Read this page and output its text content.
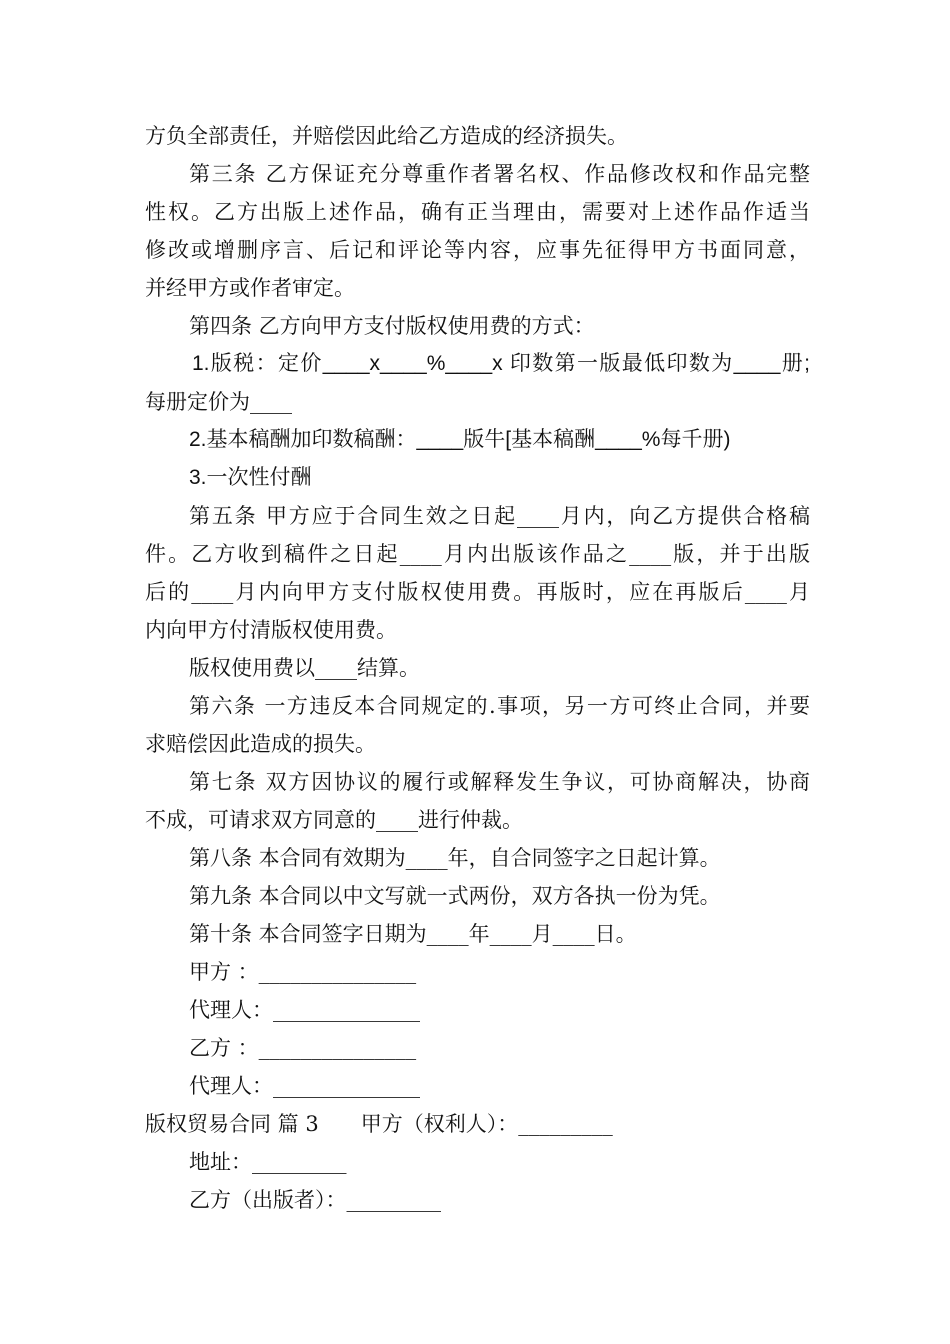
方负全部责任，并赔偿因此给乙方造成的经济损失。
第三条 乙方保证充分尊重作者署名权、作品修改权和作品完整
性权。乙方出版上述作品，确有正当理由，需要对上述作品作适当
修改或增删序言、后记和评论等内容，应事先征得甲方书面同意，
并经甲方或作者审定。
第四条 乙方向甲方支付版权使用费的方式：
1.版税：定价____x____%____x 印数第一版最低印数为____册;
每册定价为____
2.基本稿酬加印数稿酬：____版牛[基本稿酬____%每千册)
3.一次性付酬
第五条 甲方应于合同生效之日起____月内，向乙方提供合格稿
件。乙方收到稿件之日起____月内出版该作品之____版，并于出版
后的____月内向甲方支付版权使用费。再版时，应在再版后____月
内向甲方付清版权使用费。
版权使用费以____结算。
第六条 一方违反本合同规定的.事项，另一方可终止合同，并要
求赔偿因此造成的损失。
第七条 双方因协议的履行或解释发生争议，可协商解决，协商
不成，可请求双方同意的____进行仲裁。
第八条 本合同有效期为____年，自合同签字之日起计算。
第九条 本合同以中文写就一式两份，双方各执一份为凭。
第十条 本合同签字日期为____年____月____日。
甲方 ：_______________
代理人：______________
乙方 ：_______________
代理人：______________
版权贸易合同 篇 3　　甲方（权利人）：_________
地址：_________
乙方（出版者）：_________
